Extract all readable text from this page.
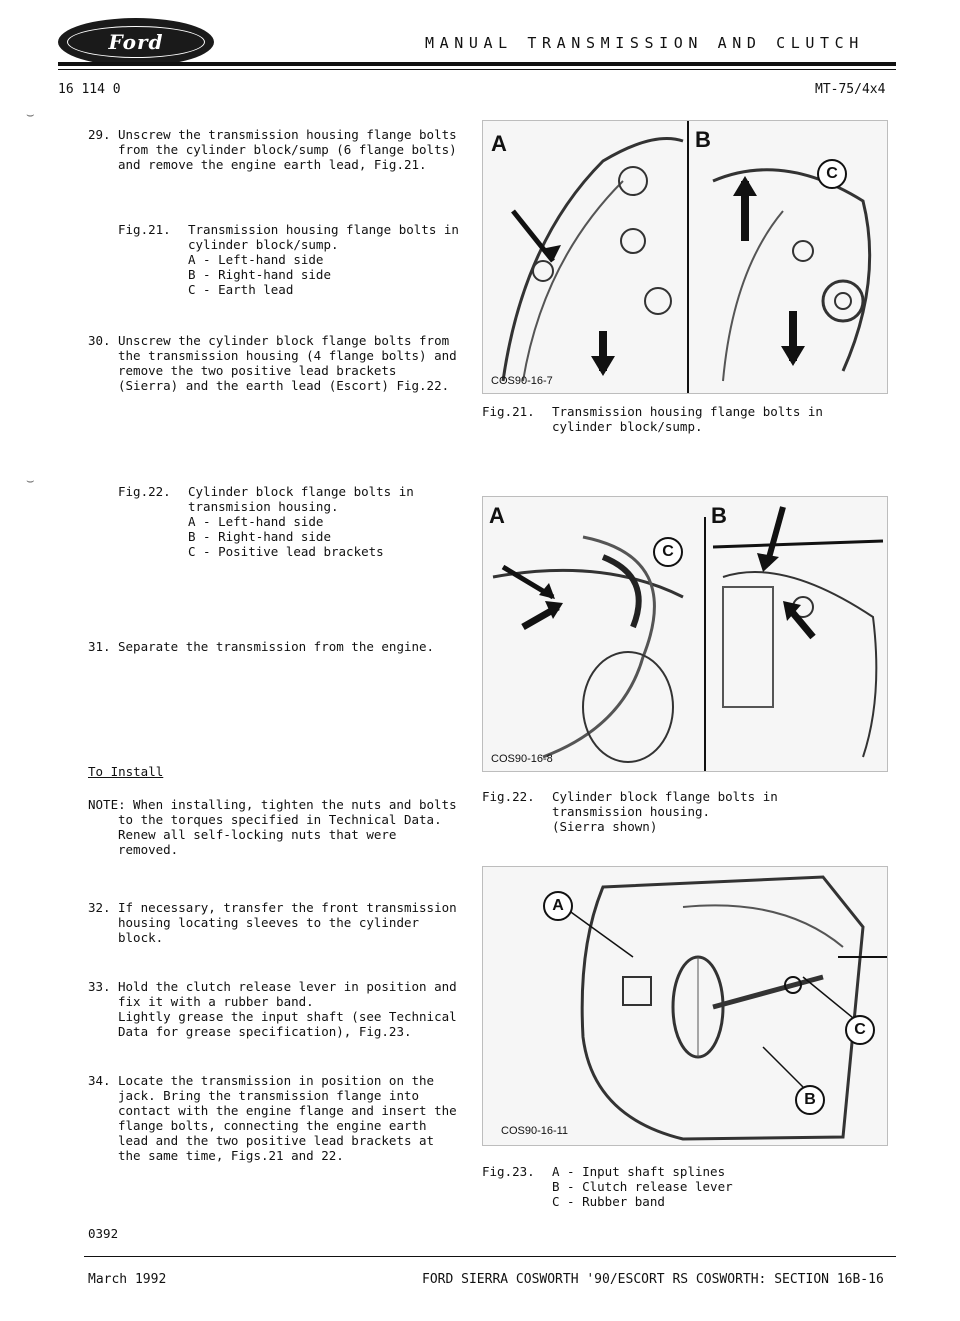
Ford	MANUAL TRANSMISSION AND CLUTCH
16 114 0	MT-75/4x4
⌣
⌣
29. Unscrew the transmission housing flange bolts
from the cylinder block/sump (6 flange bolts)
and remove the engine earth lead, Fig.21.
Fig.21. Transmission housing flange bolts in
cylinder block/sump.
A - Left-hand side
B - Right-hand side
C - Earth lead
30. Unscrew the cylinder block flange bolts from
the transmission housing (4 flange bolts) and
remove the two positive lead brackets
(Sierra) and the earth lead (Escort) Fig.22.
Fig.22. Cylinder block flange bolts in
transmision housing.
A - Left-hand side
B - Right-hand side
C - Positive lead brackets
31. Separate the transmission from the engine.
To Install
NOTE: When installing, tighten the nuts and bolts
to the torques specified in Technical Data.
Renew all self-locking nuts that were
removed.
32. If necessary, transfer the front transmission
housing locating sleeves to the cylinder
block.
33. Hold the clutch release lever in position and
fix it with a rubber band.
Lightly grease the input shaft (see Technical
Data for grease specification), Fig.23.
34. Locate the transmission in position on the
jack. Bring the transmission flange into
contact with the engine flange and insert the
flange bolts, connecting the engine earth
lead and the two positive lead brackets at
the same time, Figs.21 and 22.
0392
A	B
C
COS90-16-7
Fig.21. Transmission housing flange bolts in
cylinder block/sump.
A	B
C
COS90-16-8
Fig.22. Cylinder block flange bolts in
transmission housing.
(Sierra shown)
A
B
C
COS90-16-11
Fig.23. A - Input shaft splines
B - Clutch release lever
C - Rubber band
March 1992	FORD SIERRA COSWORTH '90/ESCORT RS COSWORTH: SECTION 16B-16
